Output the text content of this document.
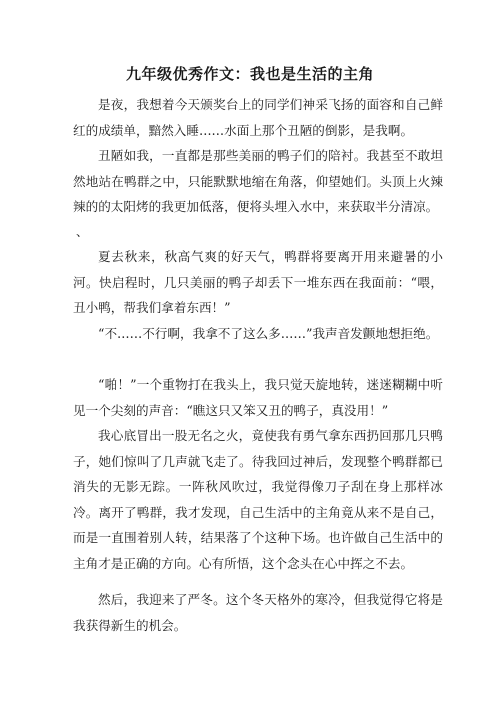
九年级优秀作文：我也是生活的主角

是夜，我想着今天颁奖台上的同学们神采飞扬的面容和自己鲜红的成绩单，黯然入睡……水面上那个丑陋的倒影，是我啊。

丑陋如我，一直都是那些美丽的鸭子们的陪衬。我甚至不敢坦然地站在鸭群之中，只能默默地缩在角落，仰望她们。头顶上火辣辣的的太阳烤的我更加低落，便将头埋入水中，来获取半分清凉。

、

夏去秋来，秋高气爽的好天气，鸭群将要离开用来避暑的小河。快启程时，几只美丽的鸭子却丢下一堆东西在我面前：“喂，丑小鸭，帮我们拿着东西！”

“不……不行啊，我拿不了这么多……”我声音发颤地想拒绝。

“啪！”一个重物打在我头上，我只觉天旋地转，迷迷糊糊中听见一个尖刻的声音：“瞧这只又笨又丑的鸭子，真没用！”

我心底冒出一股无名之火，竟使我有勇气拿东西扔回那几只鸭子，她们惊叫了几声就飞走了。待我回过神后，发现整个鸭群都已消失的无影无踪。一阵秋风吹过，我觉得像刀子刮在身上那样冰冷。离开了鸭群，我才发现，自己生活中的主角竟从来不是自己，而是一直围着别人转，结果落了个这种下场。也许做自己生活中的主角才是正确的方向。心有所悟，这个念头在心中挥之不去。

然后，我迎来了严冬。这个冬天格外的寒冷，但我觉得它将是我获得新生的机会。
